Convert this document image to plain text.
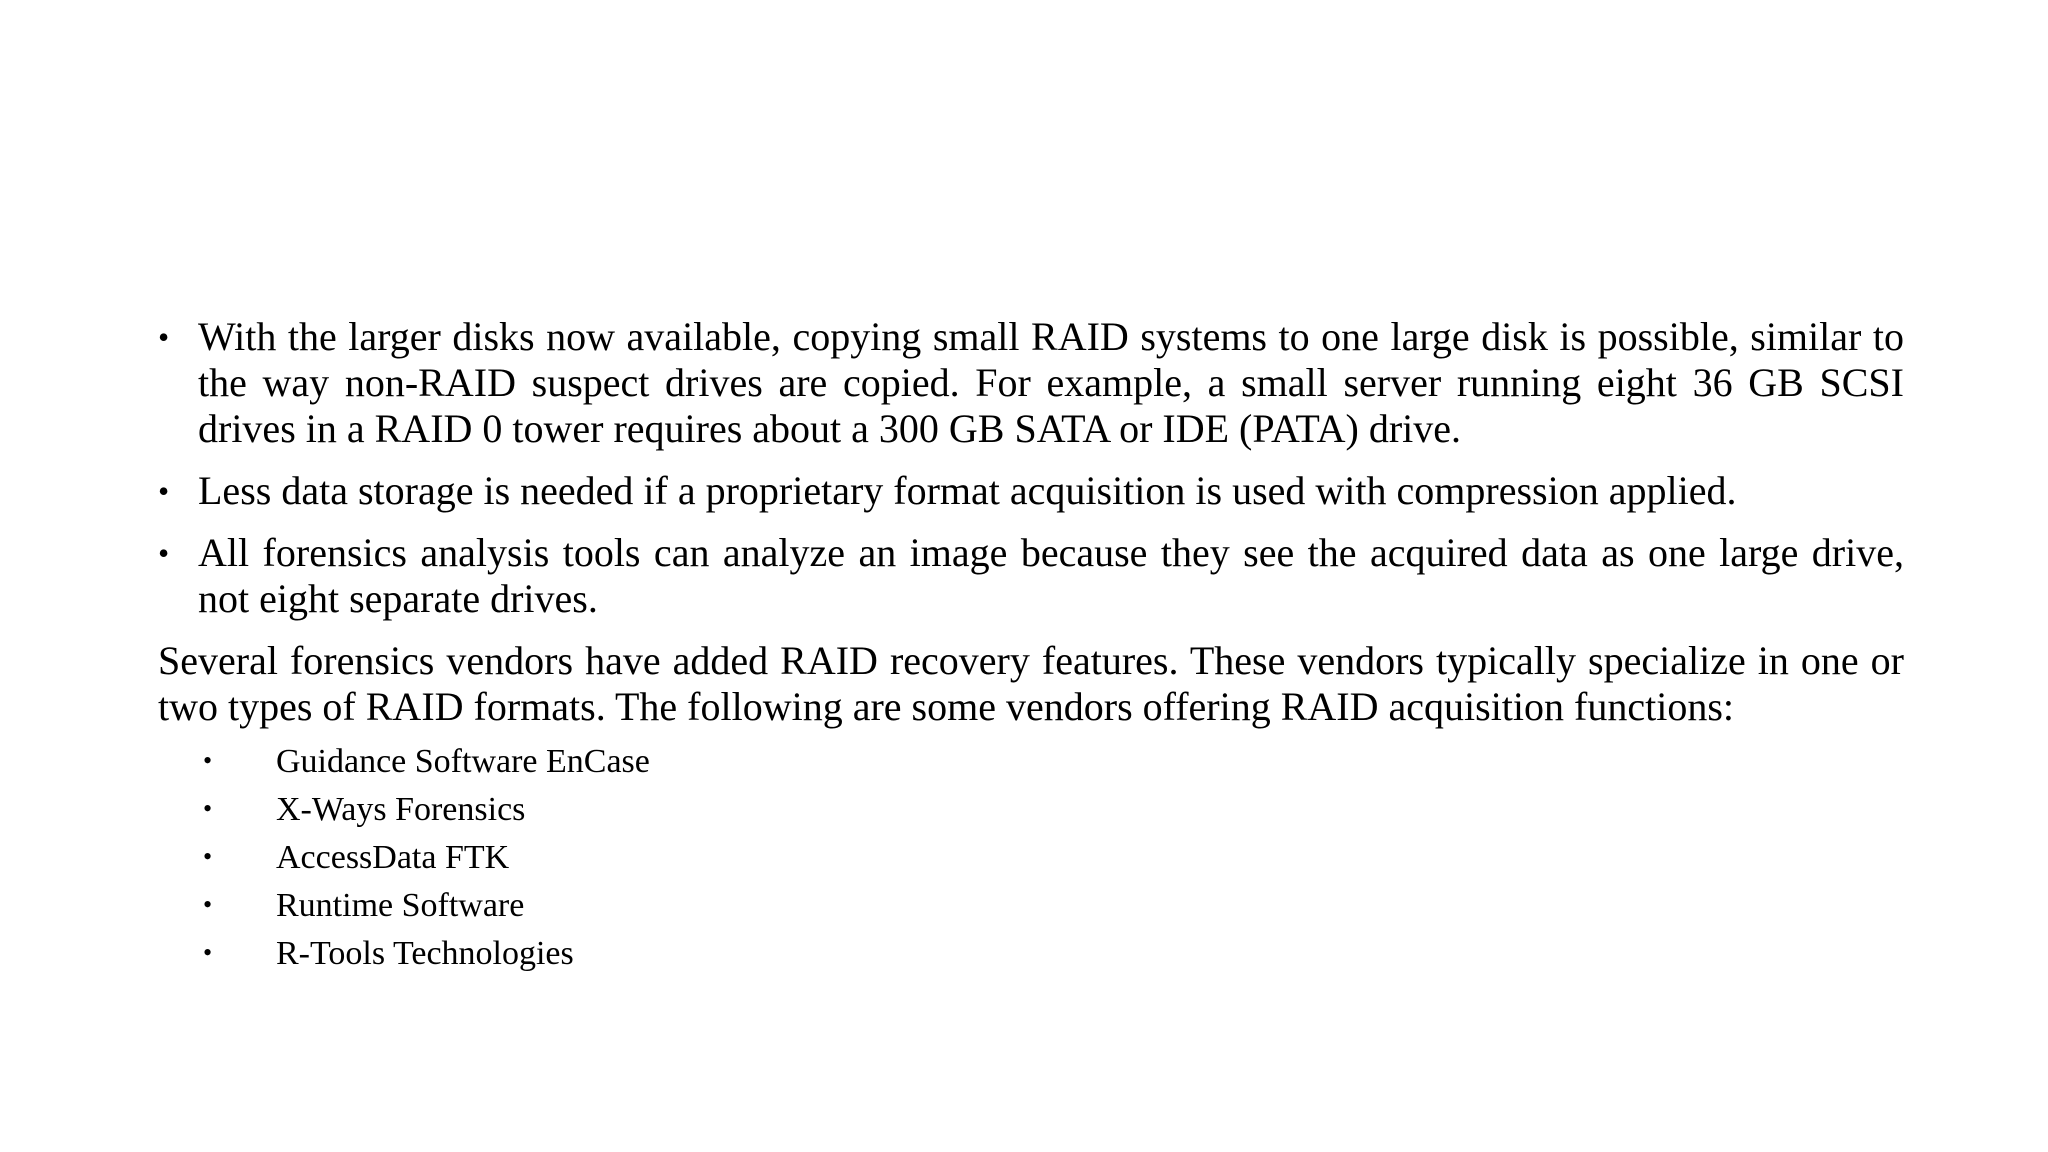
• With the larger disks now available, copying small RAID systems to one large disk is possible, similar to the way non-RAID suspect drives are copied. For example, a small server running eight 36 GB SCSI drives in a RAID 0 tower requires about a 300 GB SATA or IDE (PATA) drive.
• Less data storage is needed if a proprietary format acquisition is used with compression applied.
• All forensics analysis tools can analyze an image because they see the acquired data as one large drive, not eight separate drives.

Several forensics vendors have added RAID recovery features. These vendors typically specialize in one or two types of RAID formats. The following are some vendors offering RAID acquisition functions:

• Guidance Software EnCase
• X-Ways Forensics
• AccessData FTK
• Runtime Software
• R-Tools Technologies
